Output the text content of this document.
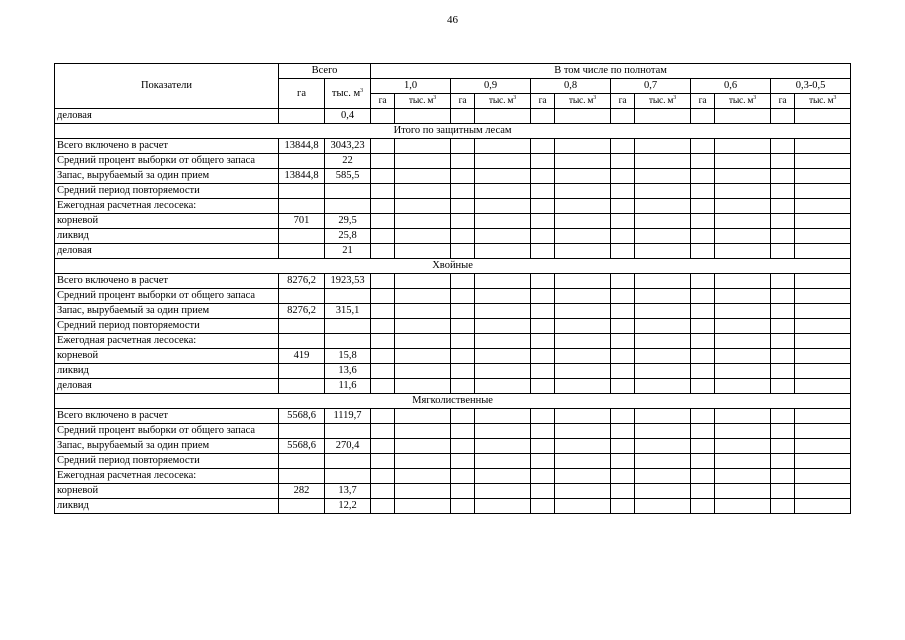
46
Показатели	Всего		В том числе по полнотам											
	га	тыс. $м^3$	1,0		0,9		0,8		0,7		0,6		0,3-0,5	
			га	тыс. $м^3$	га	тыс. $м^3$	га	тыс. $м^3$	га	тыс. $м^3$	га	тыс. $м^3$	га	тыс. $м^3$
деловая		0,4												
Итого по защитным лесам														
Всего включено в расчет	13844,8	3043,23												
Средний процент выборки от общего запаса		22												
Запас, вырубаемый за один прием	13844,8	585,5												
Средний период повторяемости														
Ежегодная расчетная лесосека:														
корневой	701	29,5												
ликвид		25,8												
деловая		21												
Хвойные														
Всего включено в расчет	8276,2	1923,53												
Средний процент выборки от общего запаса														
Запас, вырубаемый за один прием	8276,2	315,1												
Средний период повторяемости														
Ежегодная расчетная лесосека:														
корневой	419	15,8												
ликвид		13,6												
деловая		11,6												
Мягколиственные														
Всего включено в расчет	5568,6	1119,7												
Средний процент выборки от общего запаса														
Запас, вырубаемый за один прием	5568,6	270,4												
Средний период повторяемости														
Ежегодная расчетная лесосека:														
корневой	282	13,7												
ликвид		12,2												
